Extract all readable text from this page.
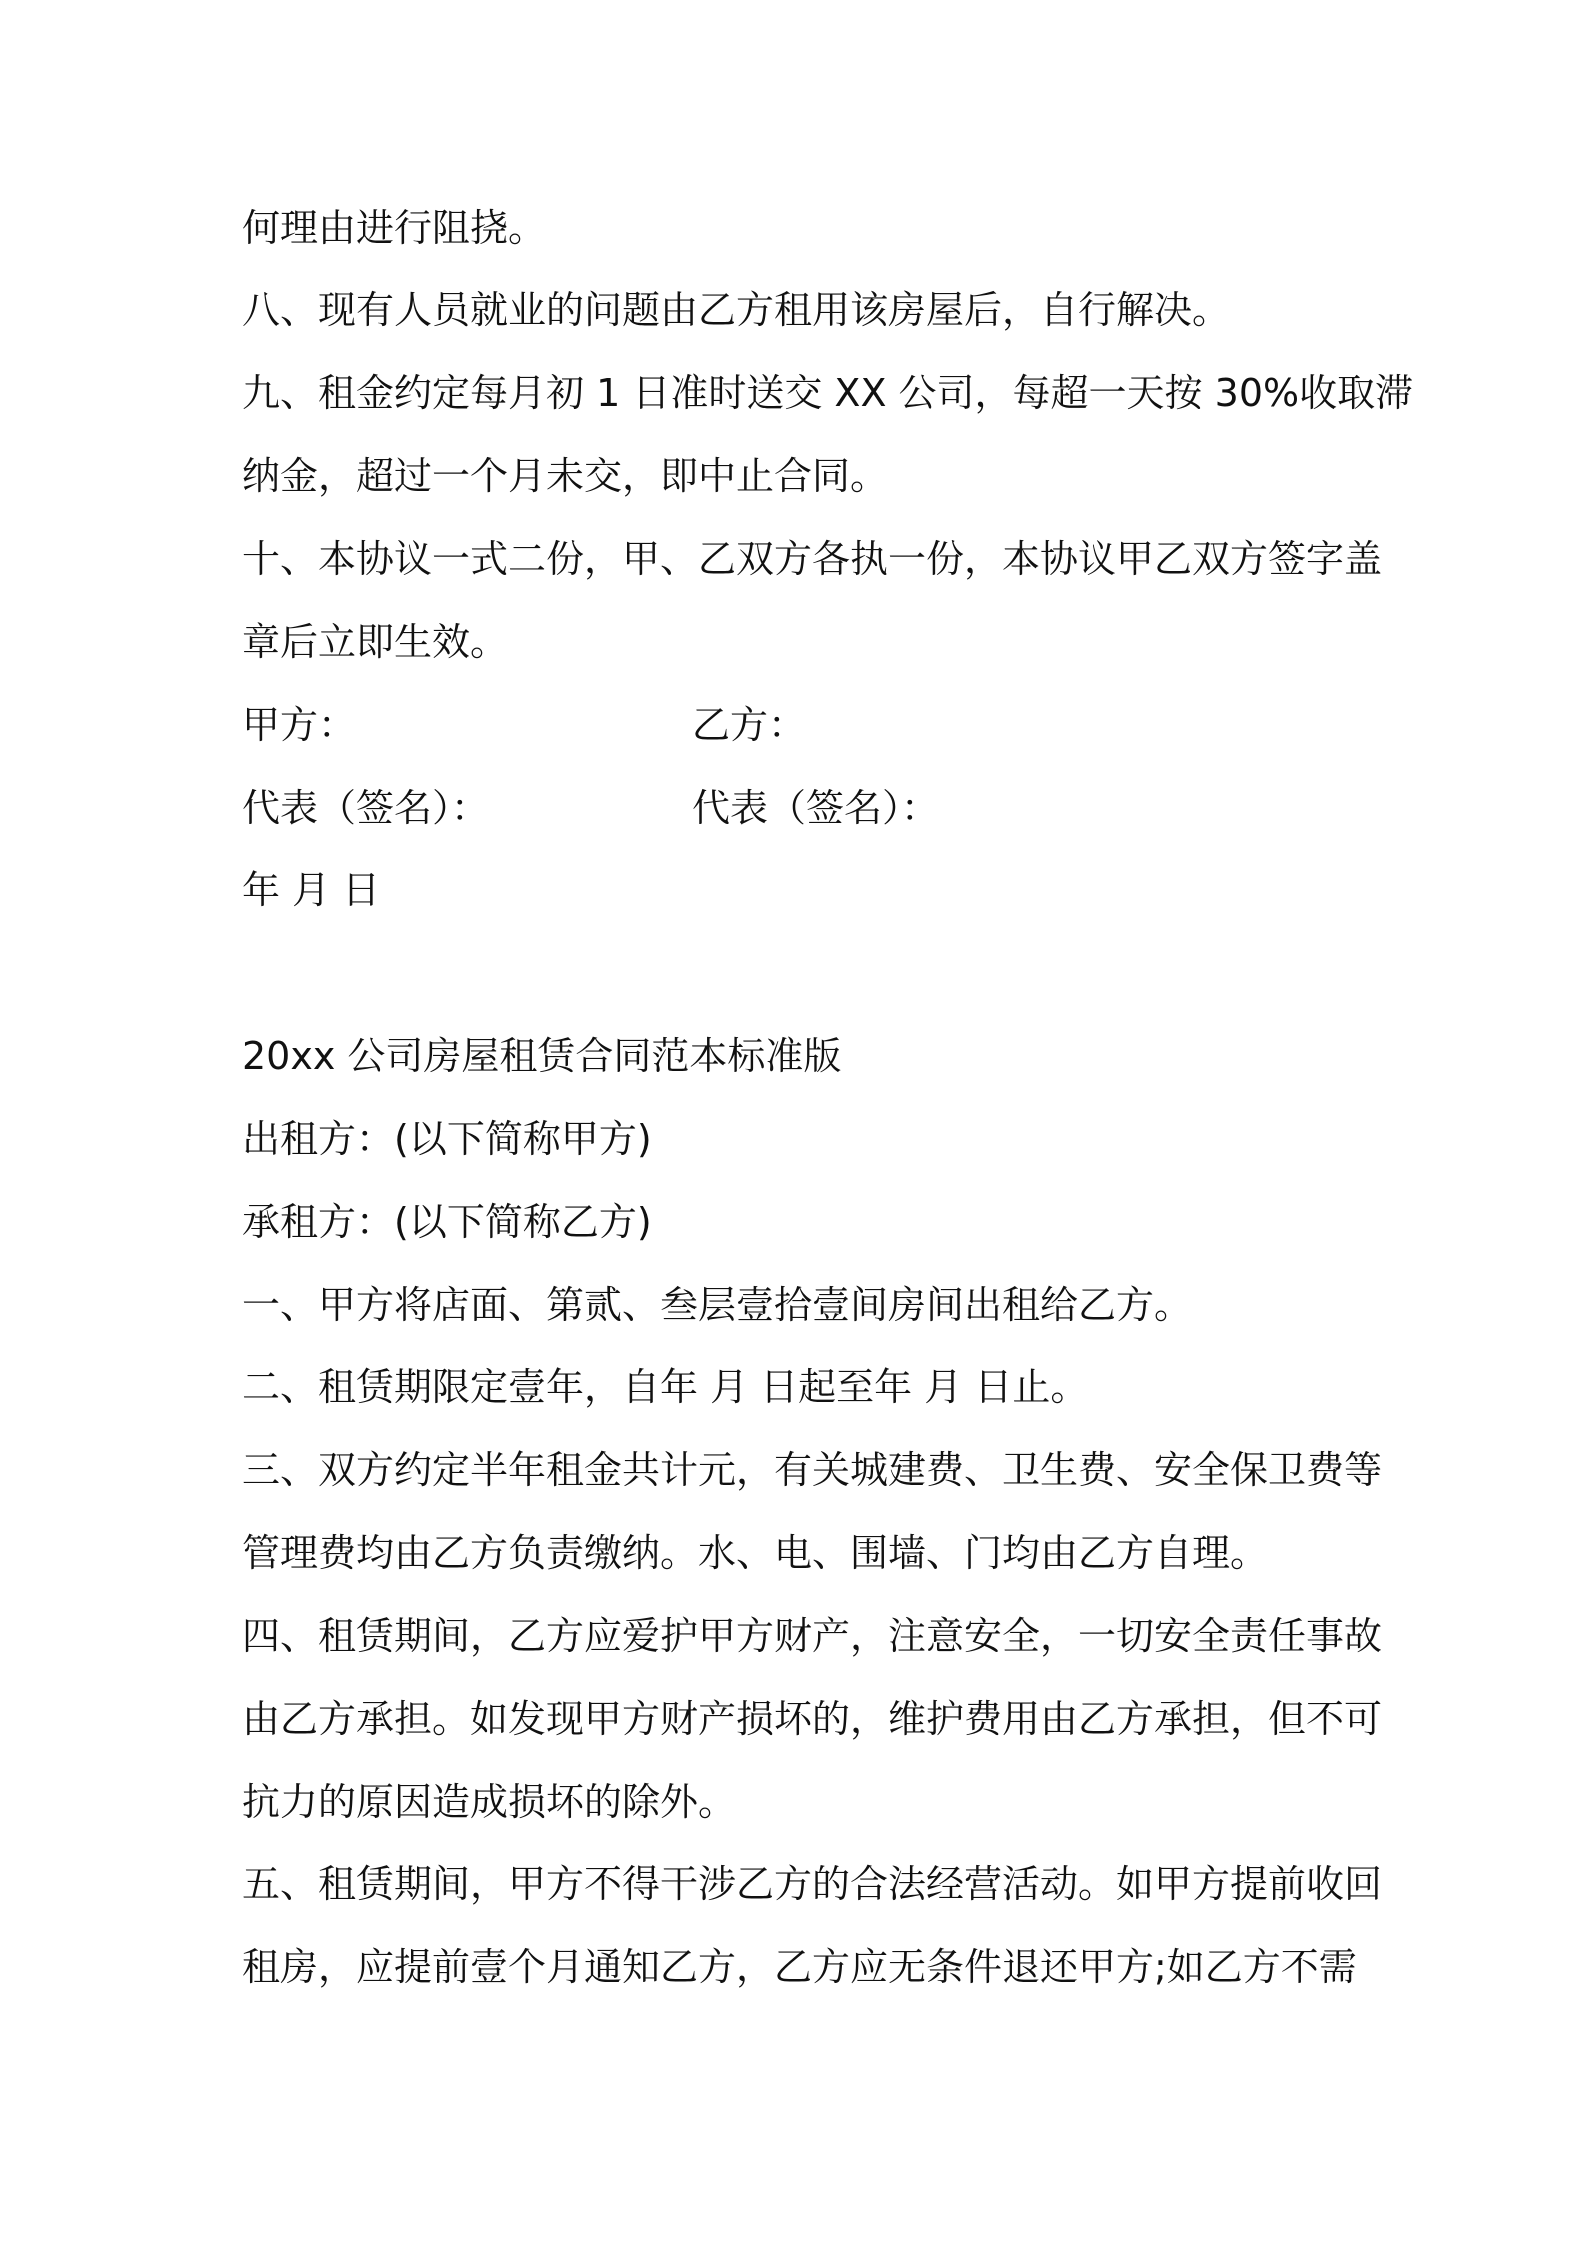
何理由进行阻挠。
八、现有人员就业的问题由乙方租用该房屋后，自行解决。
九、租金约定每月初 1 日准时送交 XX 公司，每超一天按 30%收取滞
纳金，超过一个月未交，即中止合同。
十、本协议一式二份，甲、乙双方各执一份，本协议甲乙双方签字盖
章后立即生效。
甲方：	乙方：
代表（签名）：	代表（签名）：
年 月 日
20xx 公司房屋租赁合同范本标准版
出租方：(以下简称甲方)
承租方：(以下简称乙方)
一、甲方将店面、第贰、叁层壹拾壹间房间出租给乙方。
二、租赁期限定壹年，自年 月 日起至年 月 日止。
三、双方约定半年租金共计元，有关城建费、卫生费、安全保卫费等
管理费均由乙方负责缴纳。水、电、围墙、门均由乙方自理。
四、租赁期间，乙方应爱护甲方财产，注意安全，一切安全责任事故
由乙方承担。如发现甲方财产损坏的，维护费用由乙方承担，但不可
抗力的原因造成损坏的除外。
五、租赁期间，甲方不得干涉乙方的合法经营活动。如甲方提前收回
租房，应提前壹个月通知乙方，乙方应无条件退还甲方;如乙方不需
